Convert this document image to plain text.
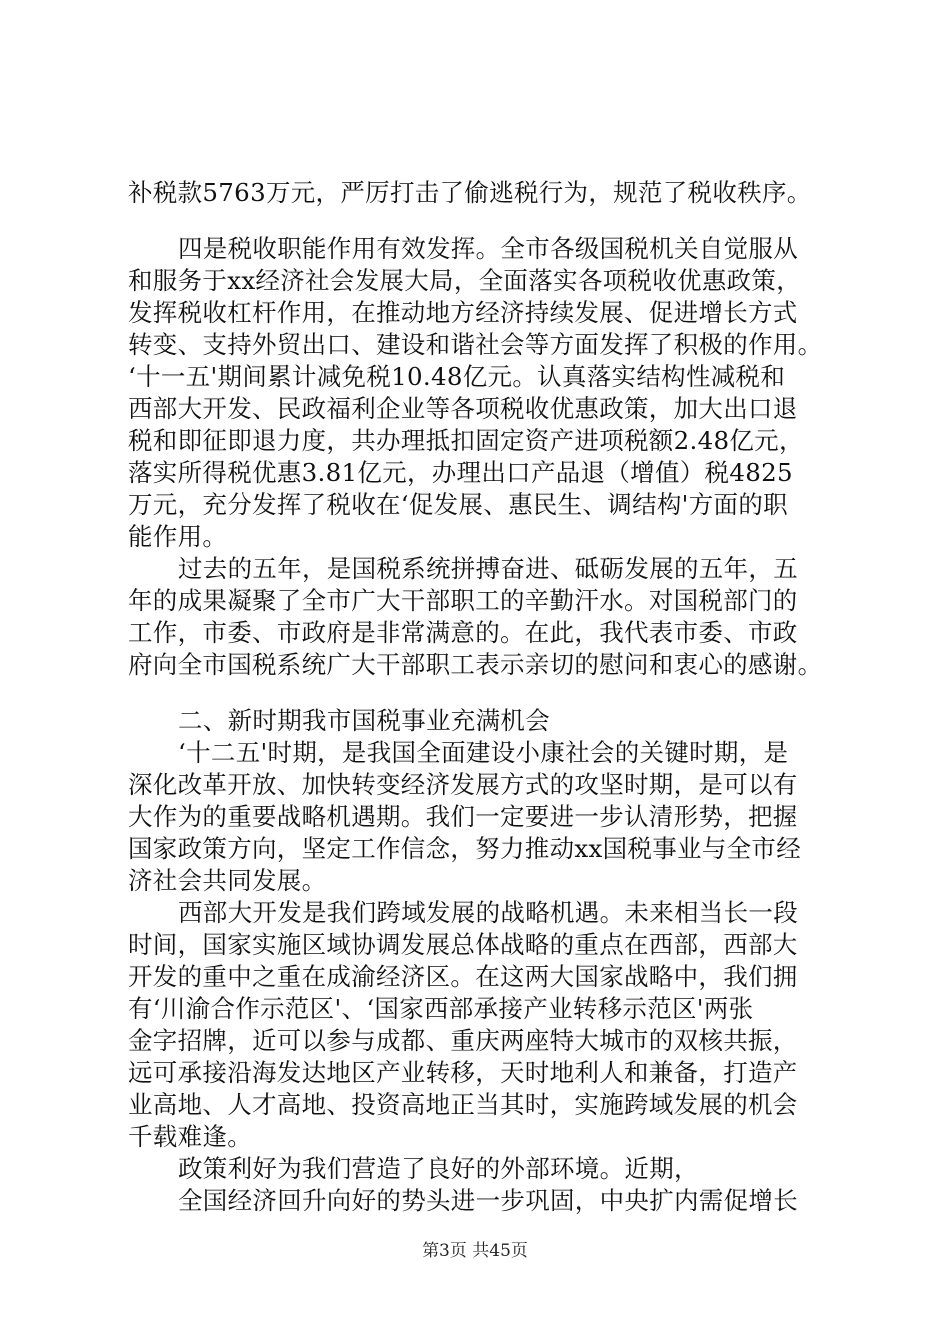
补税款5763万元，严厉打击了偷逃税行为，规范了税收秩序。
四是税收职能作用有效发挥。全市各级国税机关自觉服从
和服务于xx经济社会发展大局，全面落实各项税收优惠政策，
发挥税收杠杆作用，在推动地方经济持续发展、促进增长方式
转变、支持外贸出口、建设和谐社会等方面发挥了积极的作用。
‘十一五'期间累计减免税10.48亿元。认真落实结构性减税和
西部大开发、民政福利企业等各项税收优惠政策，加大出口退
税和即征即退力度，共办理抵扣固定资产进项税额2.48亿元，
落实所得税优惠3.81亿元，办理出口产品退（增值）税4825
万元，充分发挥了税收在‘促发展、惠民生、调结构'方面的职
能作用。
过去的五年，是国税系统拼搏奋进、砥砺发展的五年，五
年的成果凝聚了全市广大干部职工的辛勤汗水。对国税部门的
工作，市委、市政府是非常满意的。在此，我代表市委、市政
府向全市国税系统广大干部职工表示亲切的慰问和衷心的感谢。
二、新时期我市国税事业充满机会
‘十二五'时期，是我国全面建设小康社会的关键时期，是
深化改革开放、加快转变经济发展方式的攻坚时期，是可以有
大作为的重要战略机遇期。我们一定要进一步认清形势，把握
国家政策方向，坚定工作信念，努力推动xx国税事业与全市经
济社会共同发展。
西部大开发是我们跨域发展的战略机遇。未来相当长一段
时间，国家实施区域协调发展总体战略的重点在西部，西部大
开发的重中之重在成渝经济区。在这两大国家战略中，我们拥
有‘川渝合作示范区'、‘国家西部承接产业转移示范区'两张
金字招牌，近可以参与成都、重庆两座特大城市的双核共振，
远可承接沿海发达地区产业转移，天时地利人和兼备，打造产
业高地、人才高地、投资高地正当其时，实施跨域发展的机会
千载难逢。
政策利好为我们营造了良好的外部环境。近期，
全国经济回升向好的势头进一步巩固，中央扩内需促增长
第3页 共45页
